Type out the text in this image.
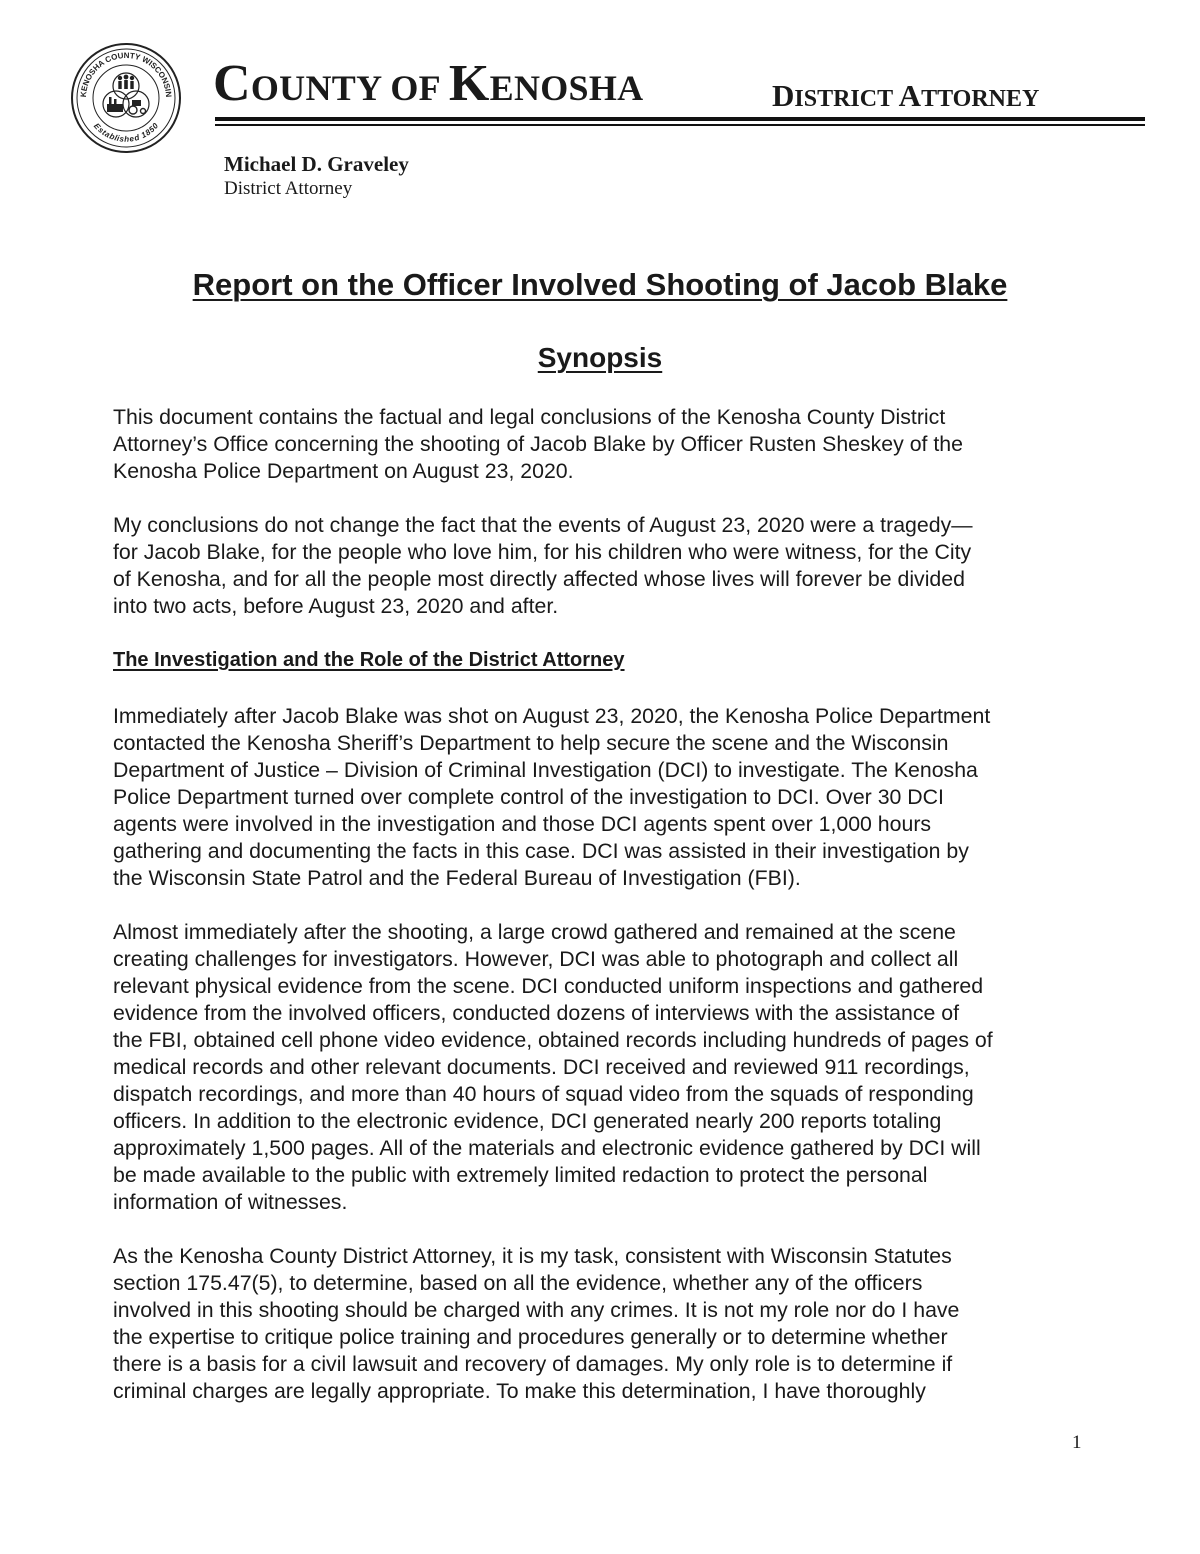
KENOSHA COUNTY WISCONSIN
Established 1850
COUNTY OF KENOSHA	DISTRICT ATTORNEY
Michael D. Graveley
District Attorney
Report on the Officer Involved Shooting of Jacob Blake
Synopsis

This document contains the factual and legal conclusions of the Kenosha County District
Attorney’s Office concerning the shooting of Jacob Blake by Officer Rusten Sheskey of the
Kenosha Police Department on August 23, 2020.

My conclusions do not change the fact that the events of August 23, 2020 were a tragedy—
for Jacob Blake, for the people who love him, for his children who were witness, for the City
of Kenosha, and for all the people most directly affected whose lives will forever be divided
into two acts, before August 23, 2020 and after.

The Investigation and the Role of the District Attorney

Immediately after Jacob Blake was shot on August 23, 2020, the Kenosha Police Department
contacted the Kenosha Sheriff’s Department to help secure the scene and the Wisconsin
Department of Justice – Division of Criminal Investigation (DCI) to investigate. The Kenosha
Police Department turned over complete control of the investigation to DCI. Over 30 DCI
agents were involved in the investigation and those DCI agents spent over 1,000 hours
gathering and documenting the facts in this case. DCI was assisted in their investigation by
the Wisconsin State Patrol and the Federal Bureau of Investigation (FBI).

Almost immediately after the shooting, a large crowd gathered and remained at the scene
creating challenges for investigators. However, DCI was able to photograph and collect all
relevant physical evidence from the scene. DCI conducted uniform inspections and gathered
evidence from the involved officers, conducted dozens of interviews with the assistance of
the FBI, obtained cell phone video evidence, obtained records including hundreds of pages of
medical records and other relevant documents. DCI received and reviewed 911 recordings,
dispatch recordings, and more than 40 hours of squad video from the squads of responding
officers. In addition to the electronic evidence, DCI generated nearly 200 reports totaling
approximately 1,500 pages. All of the materials and electronic evidence gathered by DCI will
be made available to the public with extremely limited redaction to protect the personal
information of witnesses.

As the Kenosha County District Attorney, it is my task, consistent with Wisconsin Statutes
section 175.47(5), to determine, based on all the evidence, whether any of the officers
involved in this shooting should be charged with any crimes. It is not my role nor do I have
the expertise to critique police training and procedures generally or to determine whether
there is a basis for a civil lawsuit and recovery of damages. My only role is to determine if
criminal charges are legally appropriate. To make this determination, I have thoroughly

1
